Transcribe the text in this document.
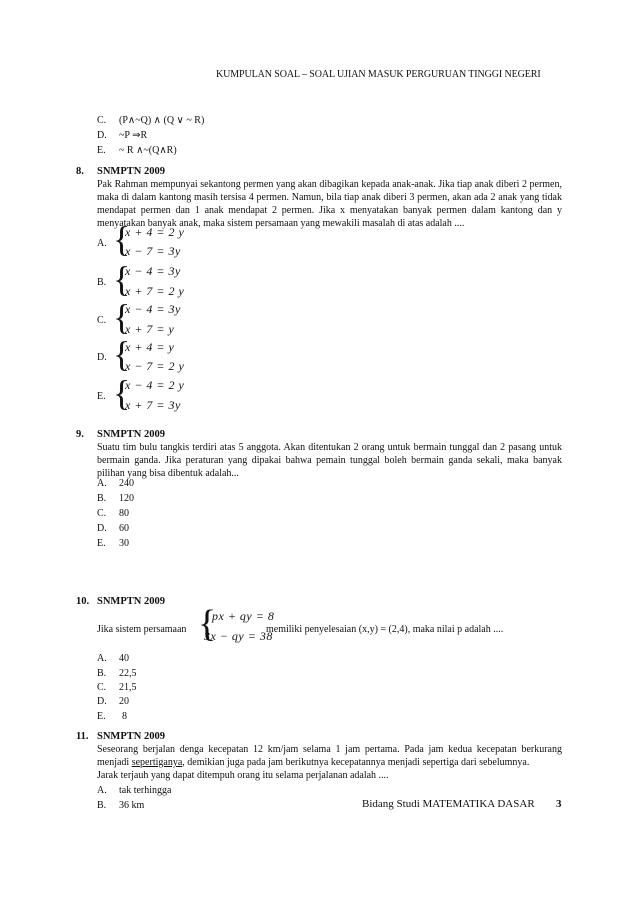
KUMPULAN SOAL – SOAL UJIAN MASUK PERGURUAN TINGGI NEGERI
C. (P∧~Q) ∧ (Q ∨ ~ R)
D. ~P ⇒R
E. ~ R ∧~(Q∧R)
8. SNMPTN 2009
Pak Rahman mempunyai sekantong permen yang akan dibagikan kepada anak-anak. Jika tiap anak diberi 2 permen, maka di dalam kantong masih tersisa 4 permen. Namun, bila tiap anak diberi 3 permen, akan ada 2 anak yang tidak mendapat permen dan 1 anak mendapat 2 permen. Jika x menyatakan banyak permen dalam kantong dan y menyatakan banyak anak, maka sistem persamaan yang mewakili masalah di atas adalah ....
A. {
x + 4 = 2 y
x − 7 = 3y
B. {
x − 4 = 3y
x + 7 = 2 y
C. {
x − 4 = 3y
x + 7 = y
D. {
x + 4 = y
x − 7 = 2 y
E. {
x − 4 = 2 y
x + 7 = 3y
9. SNMPTN 2009
Suatu tim bulu tangkis terdiri atas 5 anggota. Akan ditentukan 2 orang untuk bermain tunggal dan 2 pasang untuk bermain ganda. Jika peraturan yang dipakai bahwa pemain tunggal boleh bermain ganda sekali, maka banyak pilihan yang bisa dibentuk adalah...
A. 240
B. 120
C. 80
D. 60
E. 30
10. SNMPTN 2009
Jika sistem persamaan {
px + qy = 8
3x − qy = 38
memiliki penyelesaian (x,y) = (2,4), maka nilai p adalah ....
A. 40
B. 22,5
C. 21,5
D. 20
E. 8
11. SNMPTN 2009
Seseorang berjalan denga kecepatan 12 km/jam selama 1 jam pertama. Pada jam kedua kecepatan berkurang
menjadi sepertiganya, demikian juga pada jam berikutnya kecepatannya menjadi sepertiga dari sebelumnya.
Jarak terjauh yang dapat ditempuh orang itu selama perjalanan adalah ....
A. tak terhingga
B. 36 km	Bidang Studi MATEMATIKA DASAR 3
